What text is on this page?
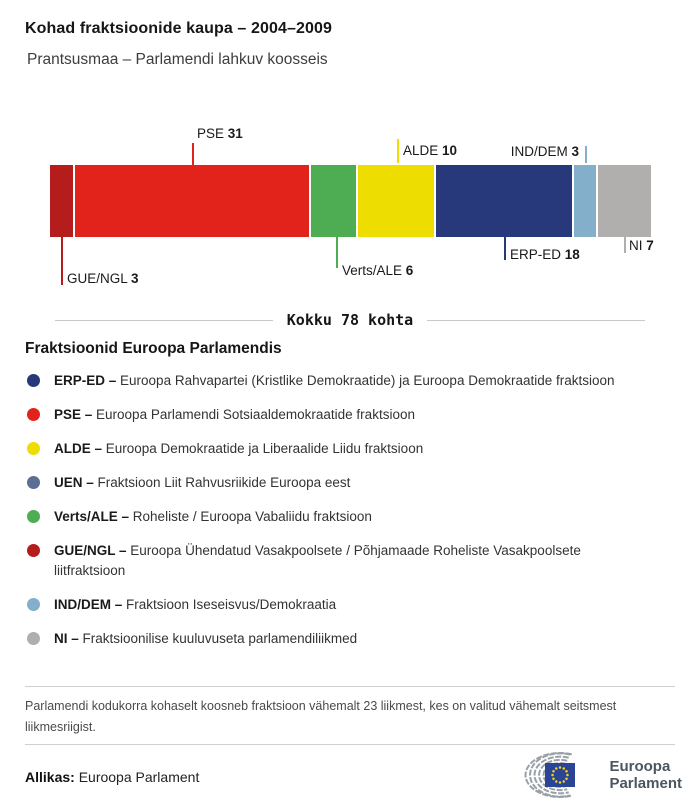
Kohad fraktsioonide kaupa – 2004–2009
Prantsusmaa – Parlamendi lahkuv koosseis
GUE/NGL 3
PSE 31
Verts/ALE 6
ALDE 10
ERP-ED 18
IND/DEM 3
NI 7
Kokku 78 kohta
Fraktsioonid Euroopa Parlamendis
ERP-ED – Euroopa Rahvapartei (Kristlike Demokraatide) ja Euroopa Demokraatide fraktsioon
PSE – Euroopa Parlamendi Sotsiaaldemokraatide fraktsioon
ALDE – Euroopa Demokraatide ja Liberaalide Liidu fraktsioon
UEN – Fraktsioon Liit Rahvusriikide Euroopa eest
Verts/ALE – Roheliste / Euroopa Vabaliidu fraktsioon
GUE/NGL – Euroopa Ühendatud Vasakpoolsete / Põhjamaade Roheliste Vasakpoolsete liitfraktsioon
IND/DEM – Fraktsioon Iseseisvus/Demokraatia
NI – Fraktsioonilise kuuluvuseta parlamendiliikmed
Parlamendi kodukorra kohaselt koosneb fraktsioon vähemalt 23 liikmest, kes on valitud vähemalt seitsmest liikmesriigist.
Allikas: Euroopa Parlament
Euroopa
Parlament
